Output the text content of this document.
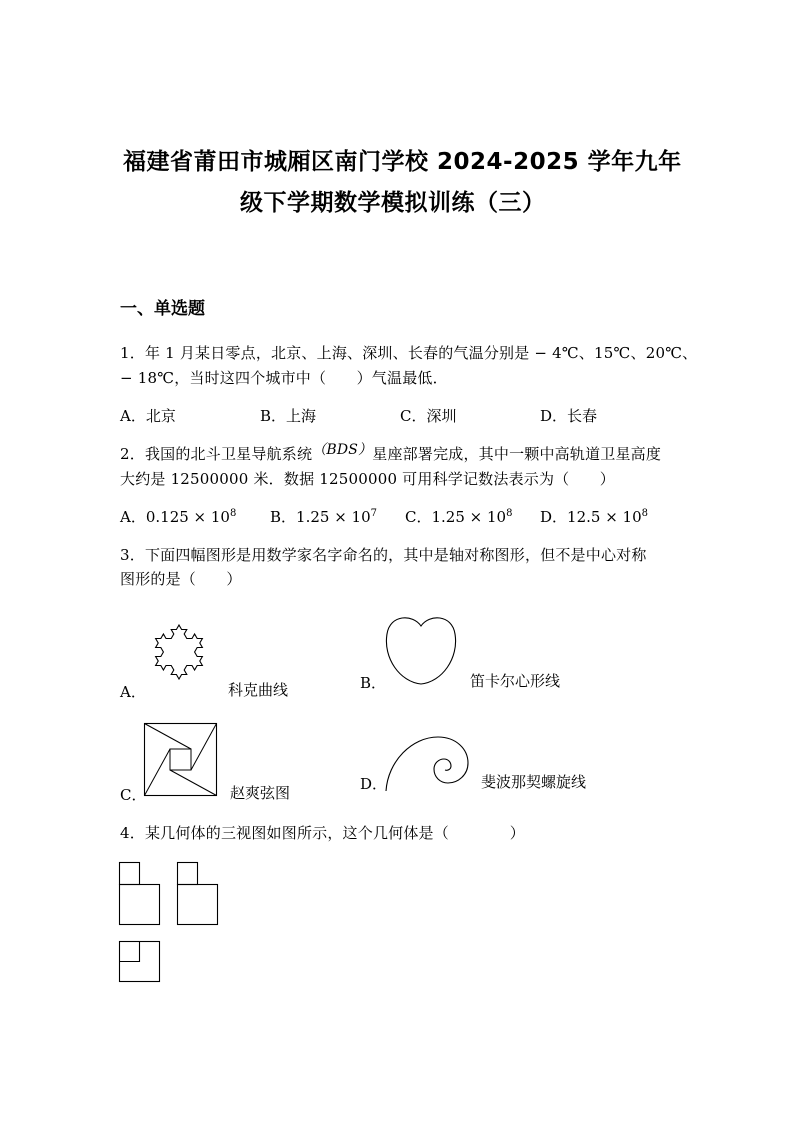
福建省莆田市城厢区南门学校 2024-2025 学年九年
级下学期数学模拟训练（三）
一、单选题
1．年 1 月某日零点，北京、上海、深圳、长春的气温分别是 − 4℃、15℃、20℃、
− 18℃，当时这四个城市中（　　）气温最低．
A．北京	B．上海	C．深圳	D．长春
2．我国的北斗卫星导航系统（BDS）星座部署完成，其中一颗中高轨道卫星高度
大约是 12500000 米．数据 12500000 可用科学记数法表示为（　　）
A．$0.125 \times 10^8$ B．$1.25 \times 10^7$ C．$1.25 \times 10^8$ D．$12.5 \times 10^8$
3．下面四幅图形是用数学家名字命名的，其中是轴对称图形，但不是中心对称
图形的是（　　）
A．	科克曲线	B．	笛卡尔心形线
C．	赵爽弦图	D．	斐波那契螺旋线
4．某几何体的三视图如图所示，这个几何体是（　　　　）
